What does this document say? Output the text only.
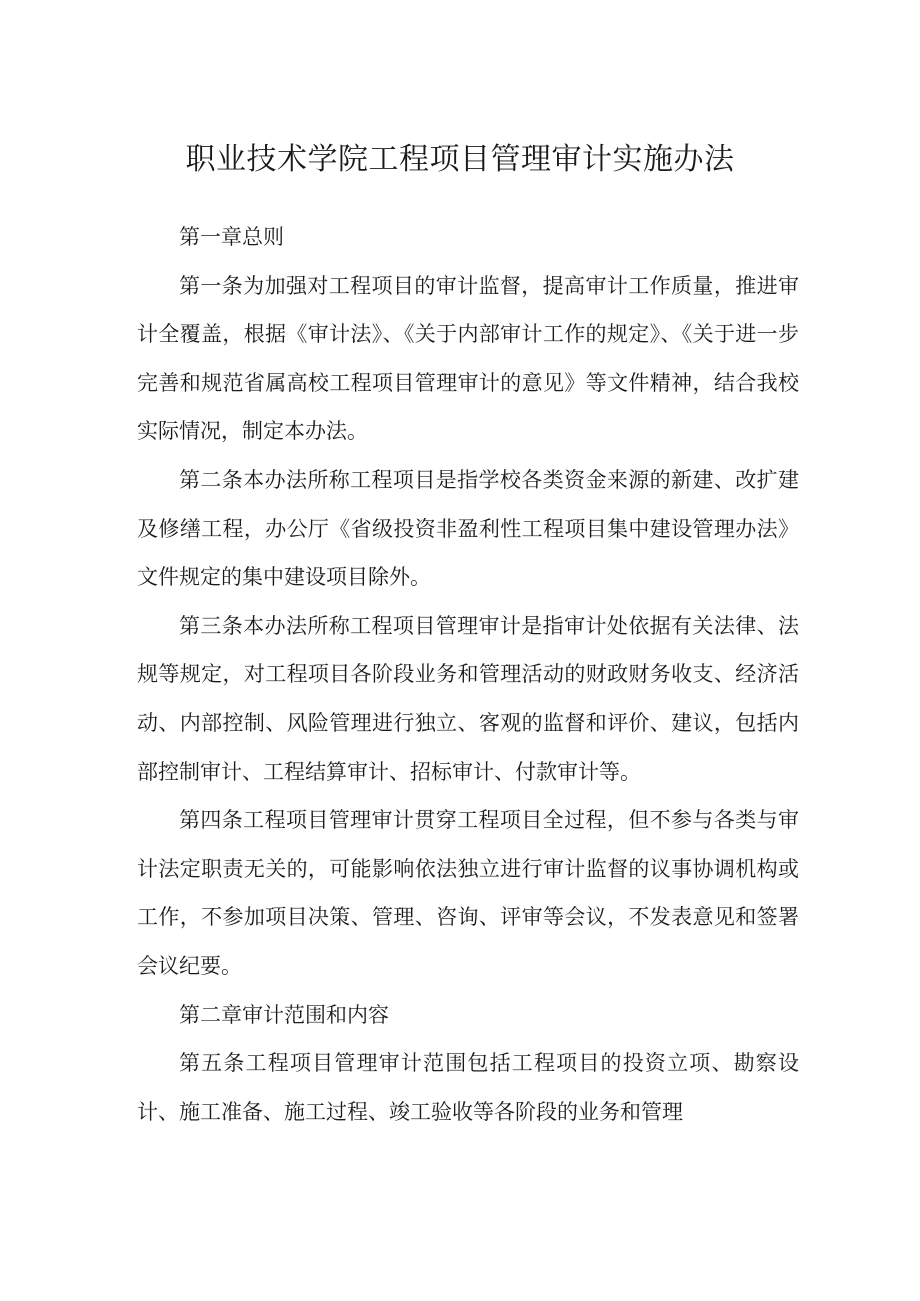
职业技术学院工程项目管理审计实施办法

第一章总则

第一条为加强对工程项目的审计监督，提高审计工作质量，推进审计全覆盖，根据《审计法》、《关于内部审计工作的规定》、《关于进一步完善和规范省属高校工程项目管理审计的意见》等文件精神，结合我校实际情况，制定本办法。

第二条本办法所称工程项目是指学校各类资金来源的新建、改扩建及修缮工程，办公厅《省级投资非盈利性工程项目集中建设管理办法》文件规定的集中建设项目除外。

第三条本办法所称工程项目管理审计是指审计处依据有关法律、法规等规定，对工程项目各阶段业务和管理活动的财政财务收支、经济活动、内部控制、风险管理进行独立、客观的监督和评价、建议，包括内部控制审计、工程结算审计、招标审计、付款审计等。

第四条工程项目管理审计贯穿工程项目全过程，但不参与各类与审计法定职责无关的，可能影响依法独立进行审计监督的议事协调机构或工作，不参加项目决策、管理、咨询、评审等会议，不发表意见和签署会议纪要。

第二章审计范围和内容

第五条工程项目管理审计范围包括工程项目的投资立项、勘察设计、施工准备、施工过程、竣工验收等各阶段的业务和管理
